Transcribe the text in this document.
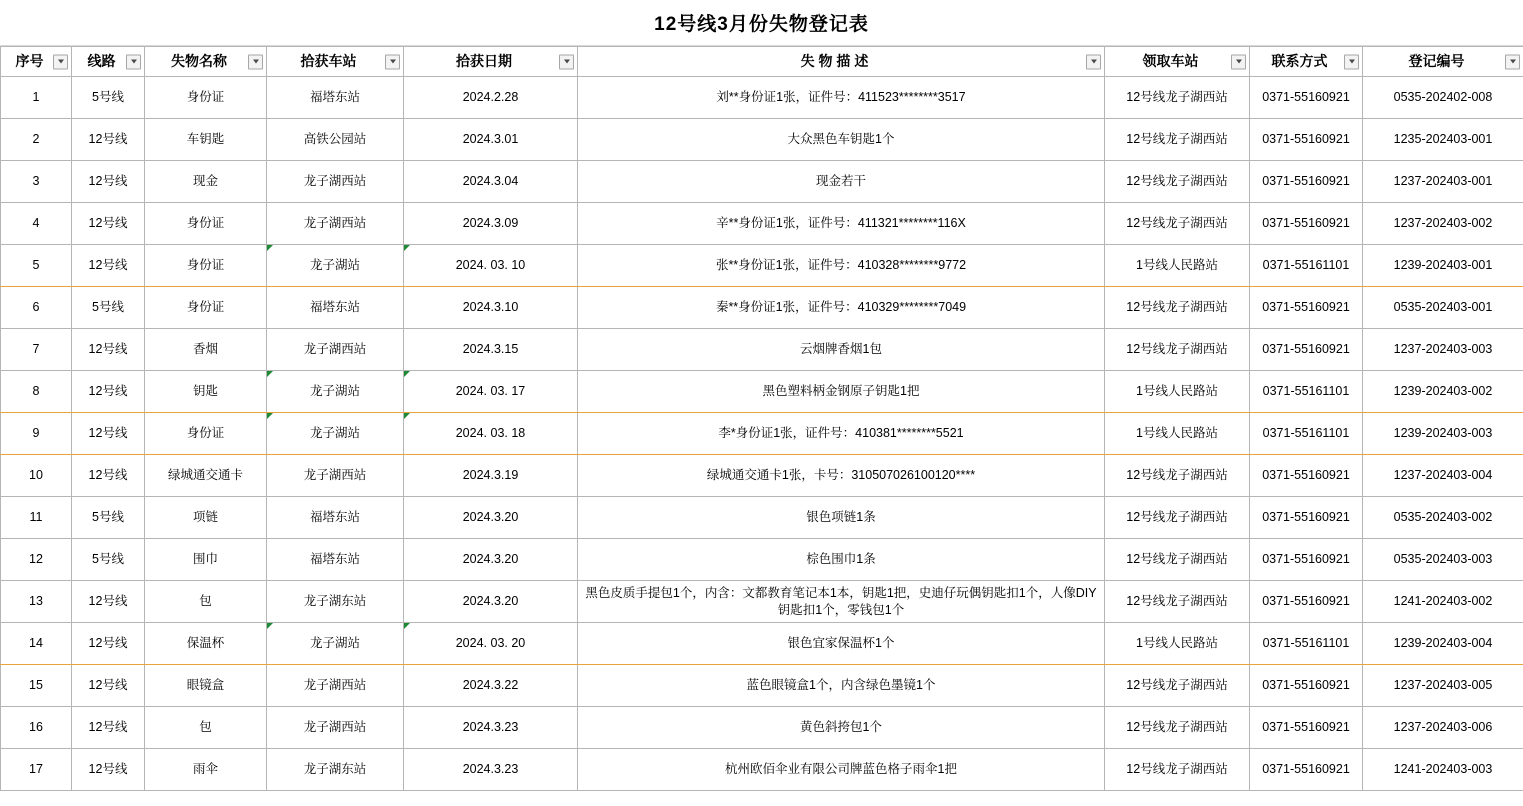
12号线3月份失物登记表
序号	线路	失物名称	拾获车站	拾获日期	失 物 描 述	领取车站	联系方式	登记编号

1	5号线	身份证	福塔东站	2024.2.28	刘**身份证1张，证件号：411523********3517	12号线龙子湖西站	0371-55160921	0535-202402-008
2	12号线	车钥匙	高铁公园站	2024.3.01	大众黑色车钥匙1个	12号线龙子湖西站	0371-55160921	1235-202403-001
3	12号线	现金	龙子湖西站	2024.3.04	现金若干	12号线龙子湖西站	0371-55160921	1237-202403-001
4	12号线	身份证	龙子湖西站	2024.3.09	辛**身份证1张，证件号：411321********116X	12号线龙子湖西站	0371-55160921	1237-202403-002
5	12号线	身份证	龙子湖站	2024. 03. 10	张**身份证1张，证件号：410328********9772	1号线人民路站	0371-55161101	1239-202403-001
6	5号线	身份证	福塔东站	2024.3.10	秦**身份证1张，证件号：410329********7049	12号线龙子湖西站	0371-55160921	0535-202403-001
7	12号线	香烟	龙子湖西站	2024.3.15	云烟牌香烟1包	12号线龙子湖西站	0371-55160921	1237-202403-003
8	12号线	钥匙	龙子湖站	2024. 03. 17	黑色塑料柄金钢原子钥匙1把	1号线人民路站	0371-55161101	1239-202403-002
9	12号线	身份证	龙子湖站	2024. 03. 18	李*身份证1张，证件号：410381********5521	1号线人民路站	0371-55161101	1239-202403-003
10	12号线	绿城通交通卡	龙子湖西站	2024.3.19	绿城通交通卡1张，卡号：310507026100120****	12号线龙子湖西站	0371-55160921	1237-202403-004
11	5号线	项链	福塔东站	2024.3.20	银色项链1条	12号线龙子湖西站	0371-55160921	0535-202403-002
12	5号线	围巾	福塔东站	2024.3.20	棕色围巾1条	12号线龙子湖西站	0371-55160921	0535-202403-003
13	12号线	包	龙子湖东站	2024.3.20	黑色皮质手提包1个，内含：文都教育笔记本1本，钥匙1把，史迪仔玩偶钥匙扣1个，人像DIY钥匙扣1个，零钱包1个	12号线龙子湖西站	0371-55160921	1241-202403-002
14	12号线	保温杯	龙子湖站	2024. 03. 20	银色宜家保温杯1个	1号线人民路站	0371-55161101	1239-202403-004
15	12号线	眼镜盒	龙子湖西站	2024.3.22	蓝色眼镜盒1个，内含绿色墨镜1个	12号线龙子湖西站	0371-55160921	1237-202403-005
16	12号线	包	龙子湖西站	2024.3.23	黄色斜挎包1个	12号线龙子湖西站	0371-55160921	1237-202403-006
17	12号线	雨伞	龙子湖东站	2024.3.23	杭州欧佰伞业有限公司牌蓝色格子雨伞1把	12号线龙子湖西站	0371-55160921	1241-202403-003
